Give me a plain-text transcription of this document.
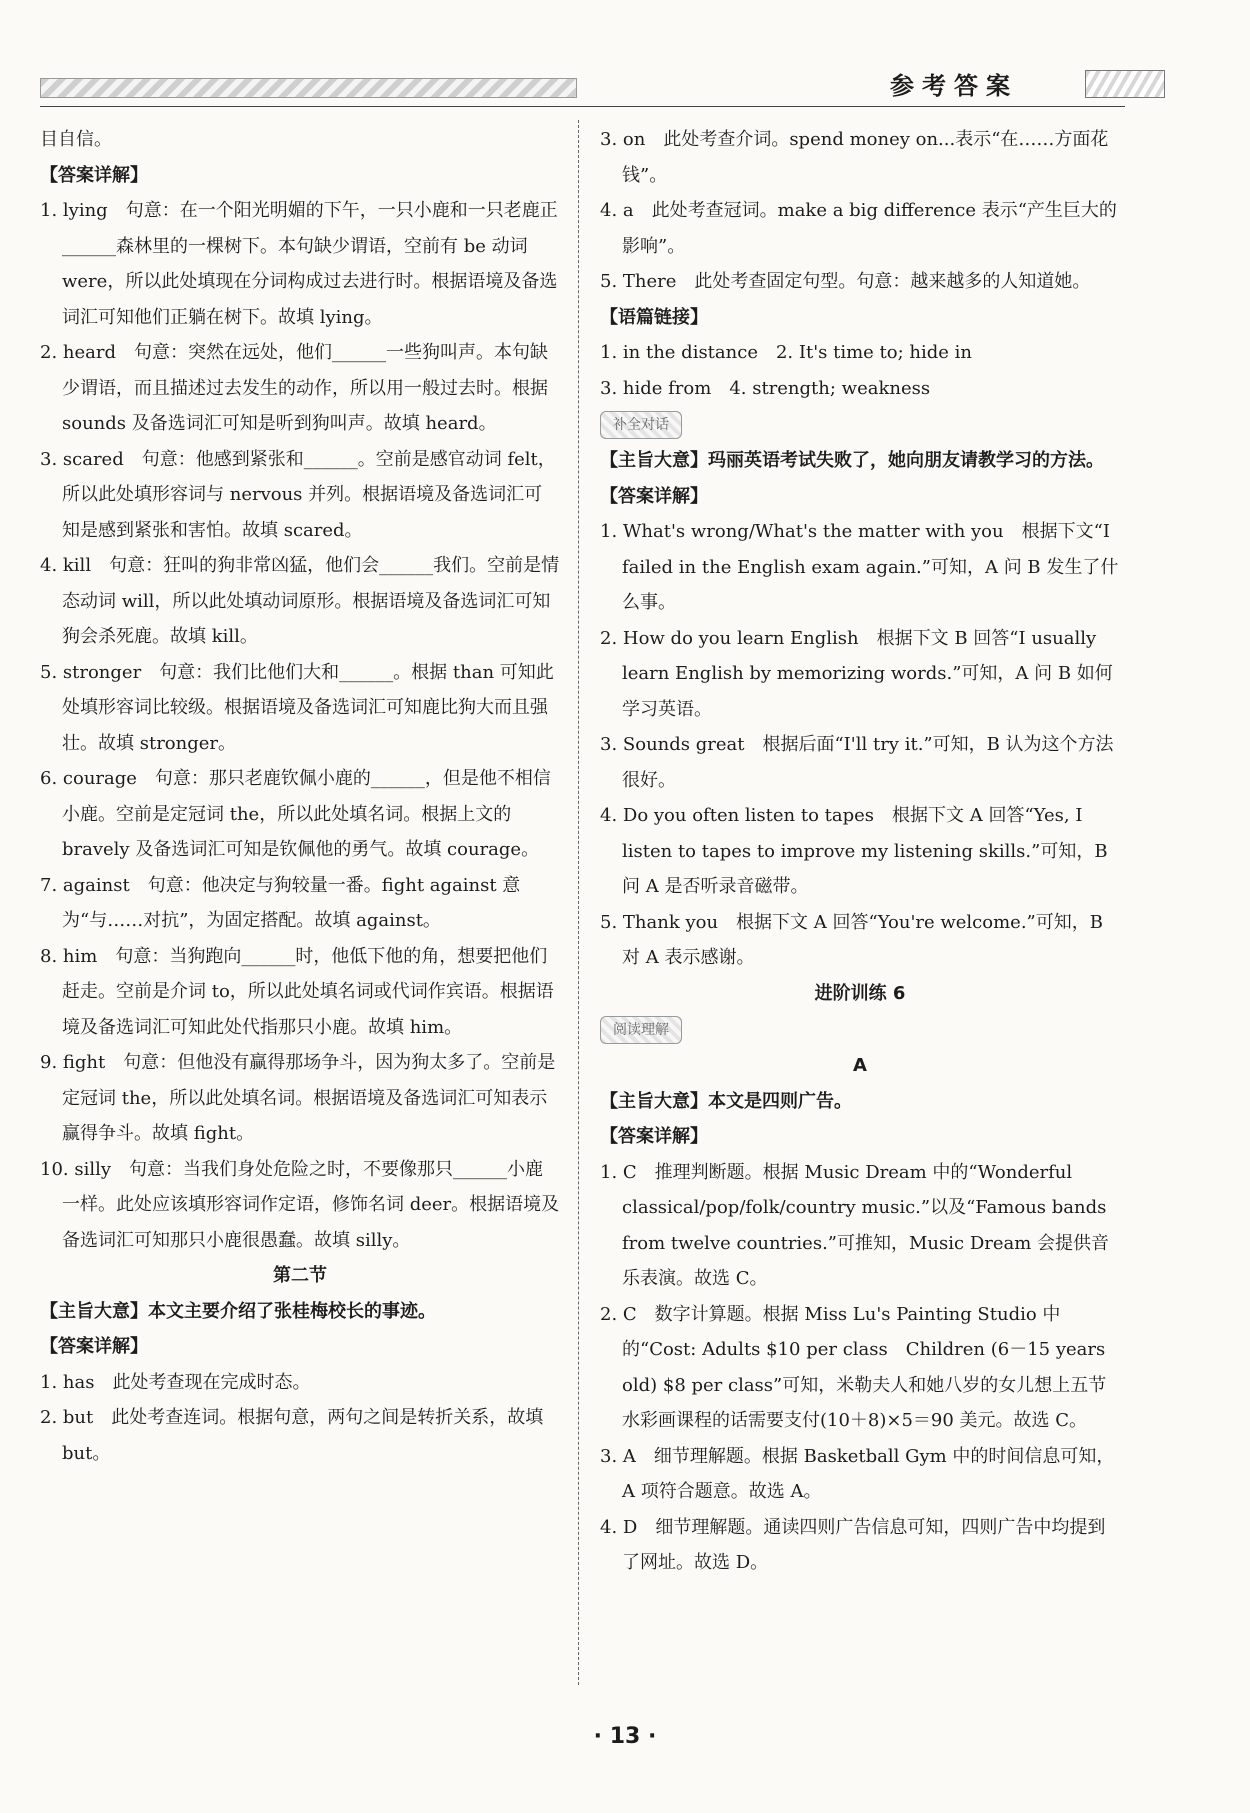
参考答案

目自信。

【答案详解】

1. lying　句意：在一个阳光明媚的下午，一只小鹿和一只老鹿正______森林里的一棵树下。本句缺少谓语，空前有 be 动词 were，所以此处填现在分词构成过去进行时。根据语境及备选词汇可知他们正躺在树下。故填 lying。

2. heard　句意：突然在远处，他们______一些狗叫声。本句缺少谓语，而且描述过去发生的动作，所以用一般过去时。根据 sounds 及备选词汇可知是听到狗叫声。故填 heard。

3. scared　句意：他感到紧张和______。空前是感官动词 felt，所以此处填形容词与 nervous 并列。根据语境及备选词汇可知是感到紧张和害怕。故填 scared。

4. kill　句意：狂叫的狗非常凶猛，他们会______我们。空前是情态动词 will，所以此处填动词原形。根据语境及备选词汇可知狗会杀死鹿。故填 kill。

5. stronger　句意：我们比他们大和______。根据 than 可知此处填形容词比较级。根据语境及备选词汇可知鹿比狗大而且强壮。故填 stronger。

6. courage　句意：那只老鹿钦佩小鹿的______，但是他不相信小鹿。空前是定冠词 the，所以此处填名词。根据上文的 bravely 及备选词汇可知是钦佩他的勇气。故填 courage。

7. against　句意：他决定与狗较量一番。fight against 意为“与……对抗”，为固定搭配。故填 against。

8. him　句意：当狗跑向______时，他低下他的角，想要把他们赶走。空前是介词 to，所以此处填名词或代词作宾语。根据语境及备选词汇可知此处代指那只小鹿。故填 him。

9. fight　句意：但他没有赢得那场争斗，因为狗太多了。空前是定冠词 the，所以此处填名词。根据语境及备选词汇可知表示赢得争斗。故填 fight。

10. silly　句意：当我们身处危险之时，不要像那只______小鹿一样。此处应该填形容词作定语，修饰名词 deer。根据语境及备选词汇可知那只小鹿很愚蠢。故填 silly。

第二节

【主旨大意】本文主要介绍了张桂梅校长的事迹。

【答案详解】

1. has　此处考查现在完成时态。

2. but　此处考查连词。根据句意，两句之间是转折关系，故填 but。

3. on　此处考查介词。spend money on...表示“在……方面花钱”。

4. a　此处考查冠词。make a big difference 表示“产生巨大的影响”。

5. There　此处考查固定句型。句意：越来越多的人知道她。

【语篇链接】

1. in the distance　2. It's time to; hide in

3. hide from　4. strength; weakness

补全对话

【主旨大意】玛丽英语考试失败了，她向朋友请教学习的方法。

【答案详解】

1. What's wrong/What's the matter with you　根据下文“I failed in the English exam again.”可知，A 问 B 发生了什么事。

2. How do you learn English　根据下文 B 回答“I usually learn English by memorizing words.”可知，A 问 B 如何学习英语。

3. Sounds great　根据后面“I'll try it.”可知，B 认为这个方法很好。

4. Do you often listen to tapes　根据下文 A 回答“Yes, I listen to tapes to improve my listening skills.”可知，B 问 A 是否听录音磁带。

5. Thank you　根据下文 A 回答“You're welcome.”可知，B 对 A 表示感谢。

进阶训练 6

阅读理解

A

【主旨大意】本文是四则广告。

【答案详解】

1. C　推理判断题。根据 Music Dream 中的“Wonderful classical/pop/folk/country music.”以及“Famous bands from twelve countries.”可推知，Music Dream 会提供音乐表演。故选 C。

2. C　数字计算题。根据 Miss Lu's Painting Studio 中的“Cost: Adults $10 per class　Children (6－15 years old) $8 per class”可知，米勒夫人和她八岁的女儿想上五节水彩画课程的话需要支付(10＋8)×5＝90 美元。故选 C。

3. A　细节理解题。根据 Basketball Gym 中的时间信息可知，A 项符合题意。故选 A。

4. D　细节理解题。通读四则广告信息可知，四则广告中均提到了网址。故选 D。

· 13 ·
